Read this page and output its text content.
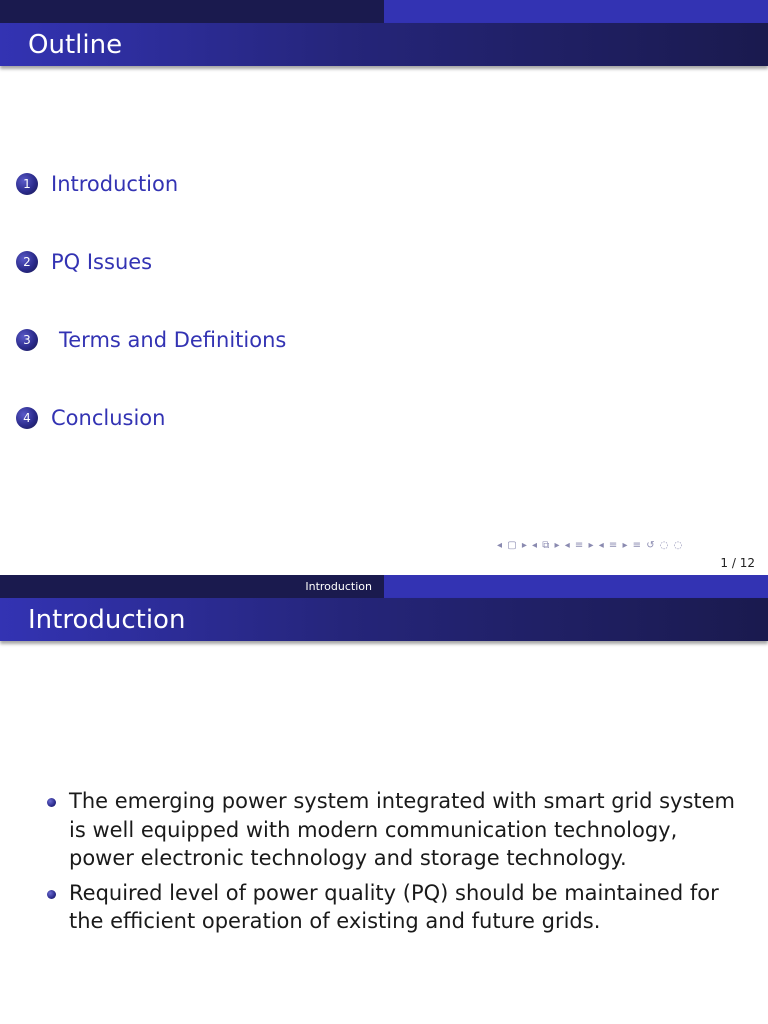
Outline
1 Introduction
2 PQ Issues
3	Terms and Definitions
4 Conclusion
◂ ▢ ▸ ◂ ⧉ ▸ ◂ ≡ ▸ ◂ ≡ ▸ ≡ ↺ ◌ ◌
1 / 12
Introduction
Introduction
The emerging power system integrated with smart grid system is well equipped with modern communication technology, power electronic technology and storage technology.
Required level of power quality (PQ) should be maintained for the efficient operation of existing and future grids.
